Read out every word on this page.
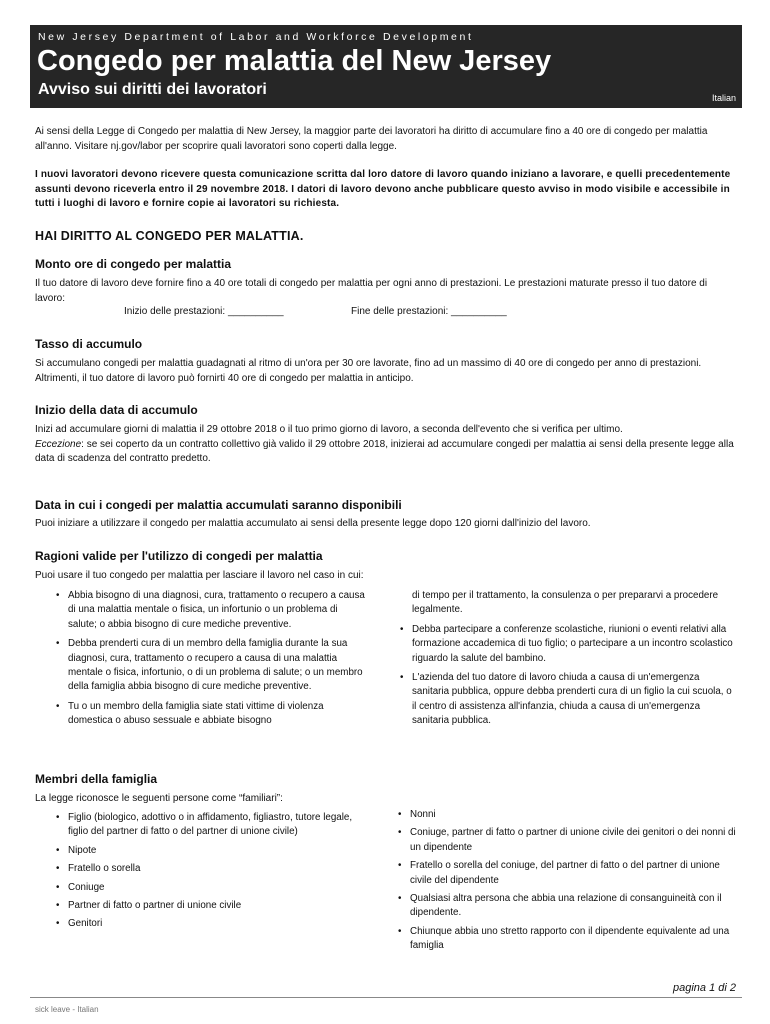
New Jersey Department of Labor and Workforce Development
Congedo per malattia del New Jersey
Avviso sui diritti dei lavoratori	Italian

Ai sensi della Legge di Congedo per malattia di New Jersey, la maggior parte dei lavoratori ha diritto di accumulare fino a 40 ore di congedo per malattia all'anno. Visitare nj.gov/labor per scoprire quali lavoratori sono coperti dalla legge.

I nuovi lavoratori devono ricevere questa comunicazione scritta dal loro datore di lavoro quando iniziano a lavorare, e quelli precedentemente assunti devono riceverla entro il 29 novembre 2018. I datori di lavoro devono anche pubblicare questo avviso in modo visibile e accessibile in tutti i luoghi di lavoro e fornire copie ai lavoratori su richiesta.

HAI DIRITTO AL CONGEDO PER MALATTIA.
Monto ore di congedo per malattia

Il tuo datore di lavoro deve fornire fino a 40 ore totali di congedo per malattia per ogni anno di prestazioni. Le prestazioni maturate presso il tuo datore di lavoro:

Inizio delle prestazioni: __________	Fine delle prestazioni: __________
Tasso di accumulo

Si accumulano congedi per malattia guadagnati al ritmo di un'ora per 30 ore lavorate, fino ad un massimo di 40 ore di congedo per anno di prestazioni. Altrimenti, il tuo datore di lavoro può fornirti 40 ore di congedo per malattia in anticipo.

Inizio della data di accumulo

Inizi ad accumulare giorni di malattia il 29 ottobre 2018 o il tuo primo giorno di lavoro, a seconda dell'evento che si verifica per ultimo.
Eccezione: se sei coperto da un contratto collettivo già valido il 29 ottobre 2018, inizierai ad accumulare congedi per malattia ai sensi della presente legge alla data di scadenza del contratto predetto.

Data in cui i congedi per malattia accumulati saranno disponibili

Puoi iniziare a utilizzare il congedo per malattia accumulato ai sensi della presente legge dopo 120 giorni dall'inizio del lavoro.

Ragioni valide per l'utilizzo di congedi per malattia

Puoi usare il tuo congedo per malattia per lasciare il lavoro nel caso in cui:

• Abbia bisogno di una diagnosi, cura, trattamento o recupero a causa di una malattia mentale o fisica, un infortunio o un problema di salute; o abbia bisogno di cure mediche preventive.
• Debba prenderti cura di un membro della famiglia durante la sua diagnosi, cura, trattamento o recupero a causa di una malattia mentale o fisica, infortunio, o di un problema di salute; o un membro della famiglia abbia bisogno di cure mediche preventive.
• Tu o un membro della famiglia siate stati vittime di violenza domestica o abuso sessuale e abbiate bisogno
di tempo per il trattamento, la consulenza o per prepararvi a procedere legalmente.
• Debba partecipare a conferenze scolastiche, riunioni o eventi relativi alla formazione accademica di tuo figlio; o partecipare a un incontro scolastico riguardo la salute del bambino.
• L'azienda del tuo datore di lavoro chiuda a causa di un'emergenza sanitaria pubblica, oppure debba prenderti cura di un figlio la cui scuola, o il centro di assistenza all'infanzia, chiuda a causa di un'emergenza sanitaria pubblica.
Membri della famiglia

La legge riconosce le seguenti persone come “familiari”:

• Figlio (biologico, adottivo o in affidamento, figliastro, tutore legale, figlio del partner di fatto o del partner di unione civile)
• Nipote
• Fratello o sorella
• Coniuge
• Partner di fatto o partner di unione civile
• Genitori
• Nonni
• Coniuge, partner di fatto o partner di unione civile dei genitori o dei nonni di un dipendente
• Fratello o sorella del coniuge, del partner di fatto o del partner di unione civile del dipendente
• Qualsiasi altra persona che abbia una relazione di consanguineità con il dipendente.
• Chiunque abbia uno stretto rapporto con il dipendente equivalente ad una famiglia
pagina 1 di 2
sick leave - Italian
